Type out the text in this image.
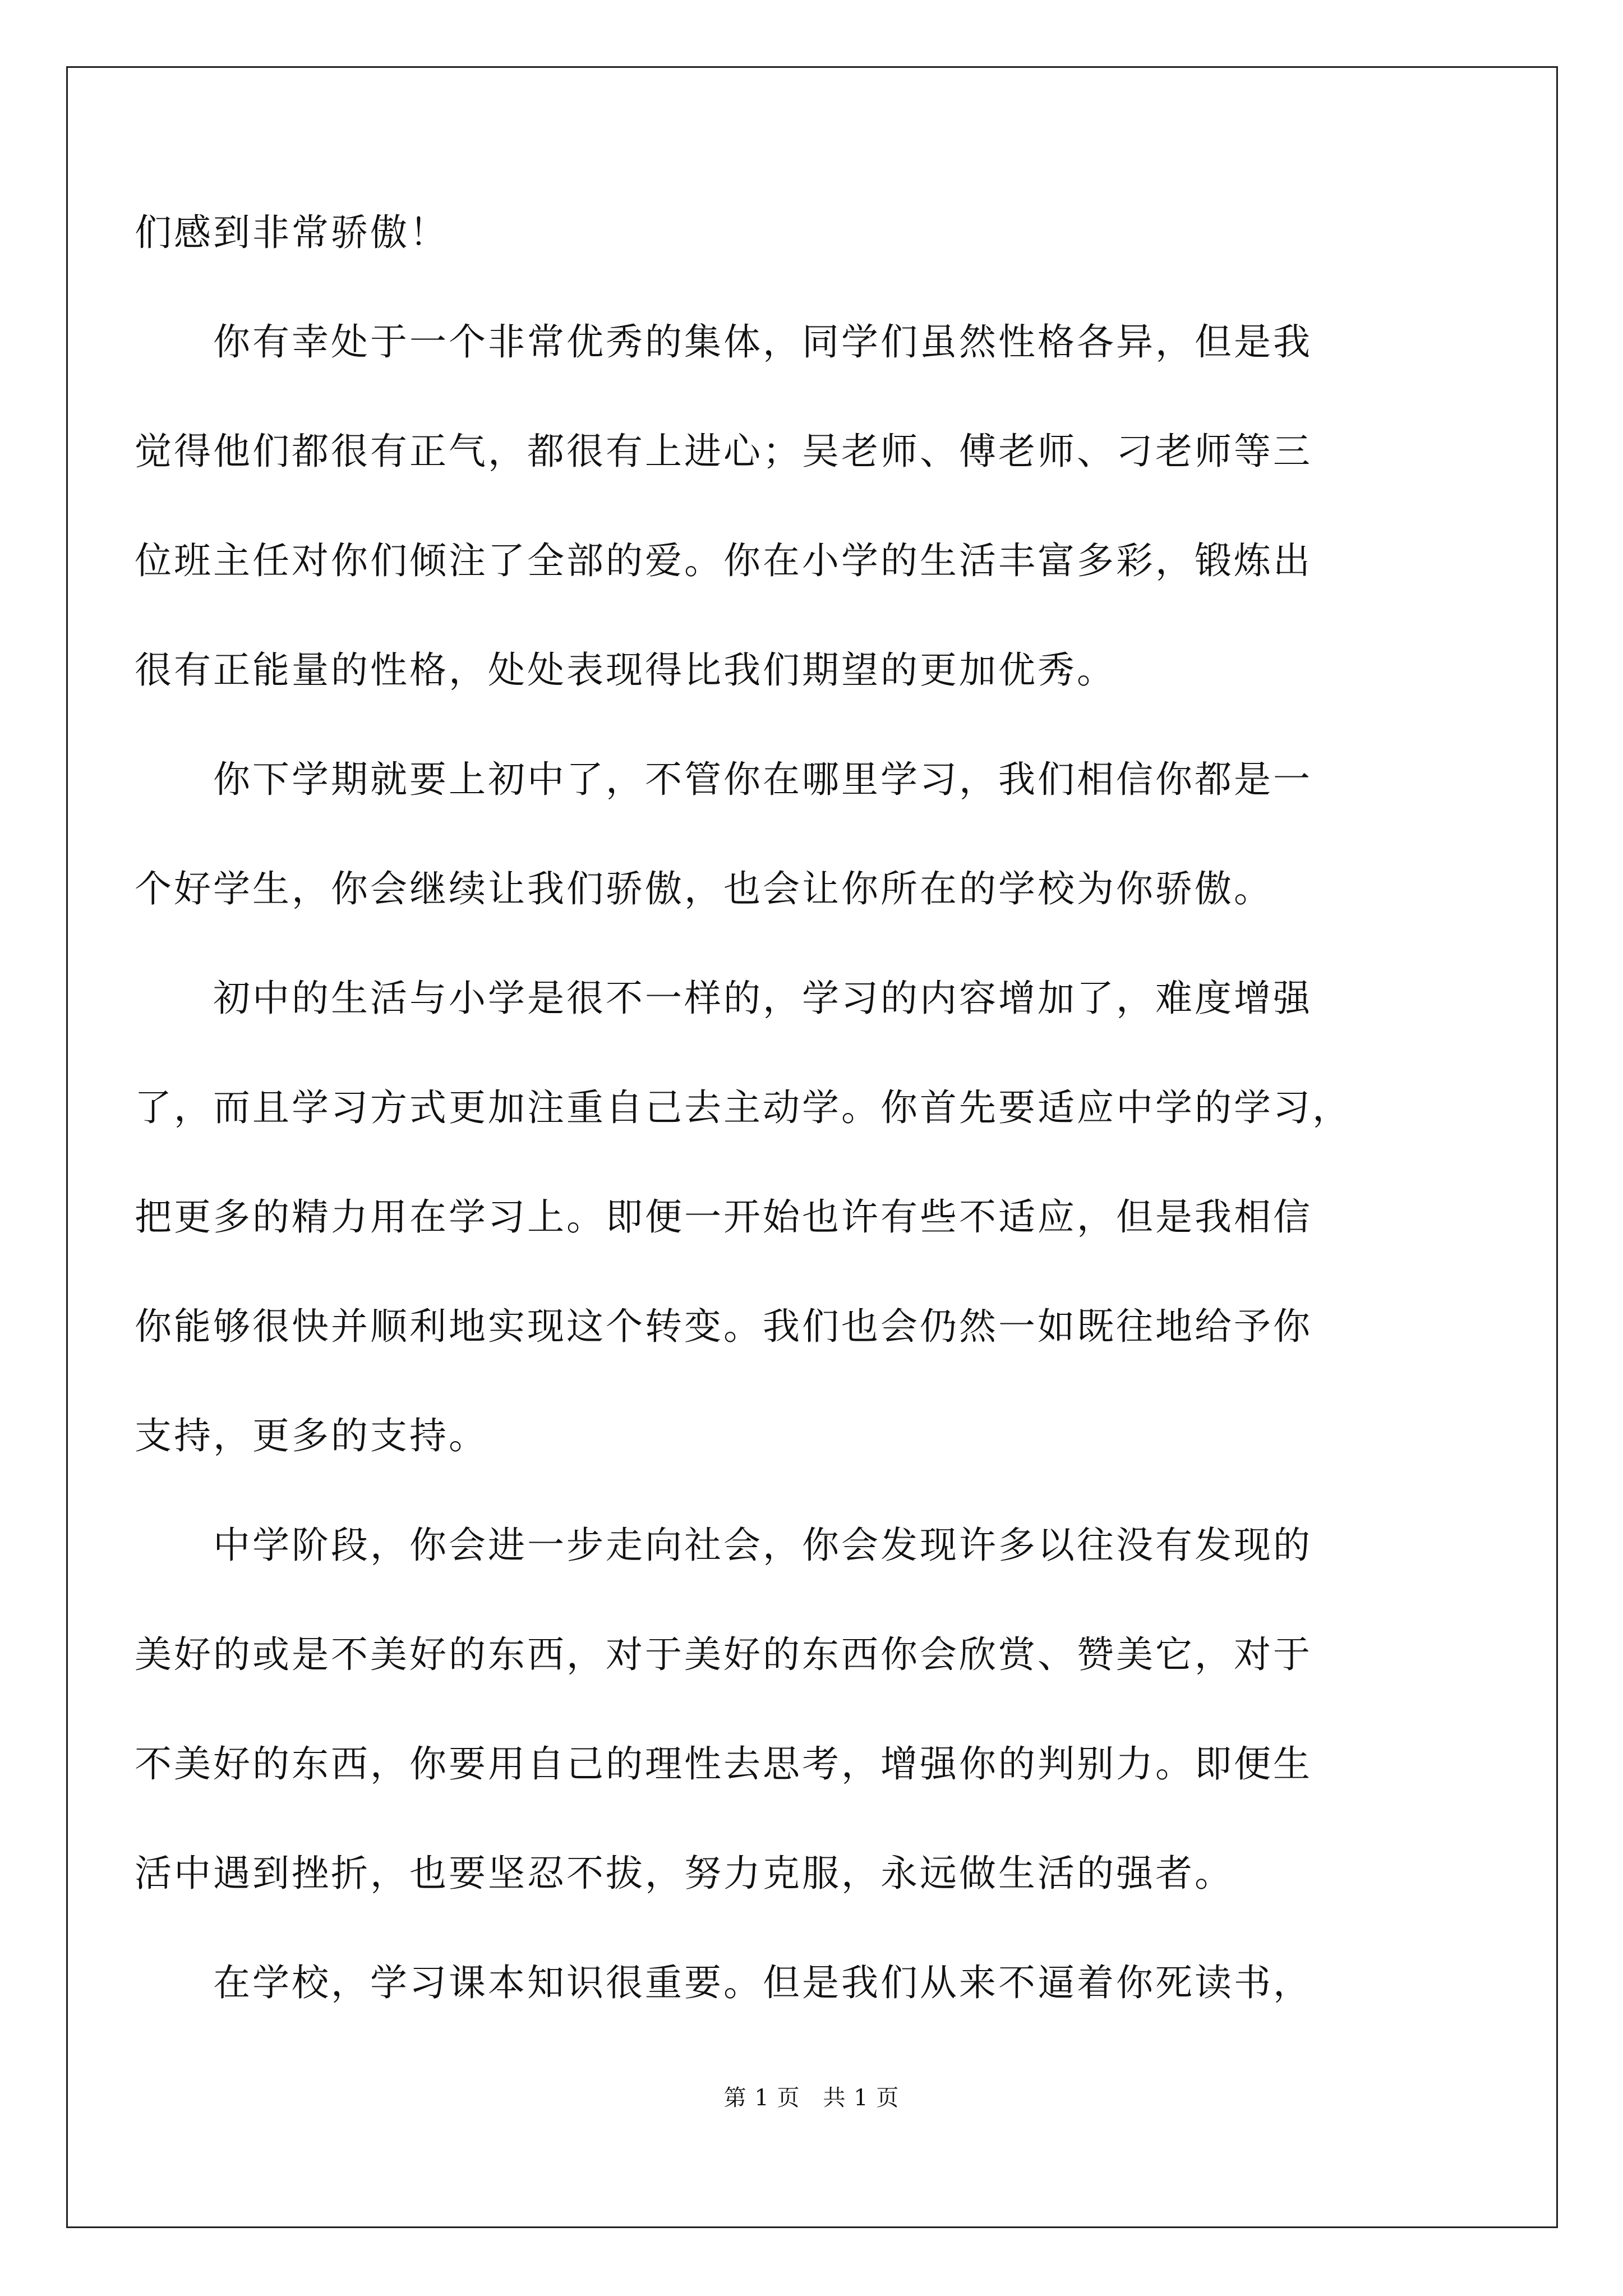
们感到非常骄傲！
你有幸处于一个非常优秀的集体，同学们虽然性格各异，但是我
觉得他们都很有正气，都很有上进心；吴老师、傅老师、刁老师等三
位班主任对你们倾注了全部的爱。你在小学的生活丰富多彩，锻炼出
很有正能量的性格，处处表现得比我们期望的更加优秀。
你下学期就要上初中了，不管你在哪里学习，我们相信你都是一
个好学生，你会继续让我们骄傲，也会让你所在的学校为你骄傲。
初中的生活与小学是很不一样的，学习的内容增加了，难度增强
了，而且学习方式更加注重自己去主动学。你首先要适应中学的学习，
把更多的精力用在学习上。即便一开始也许有些不适应，但是我相信
你能够很快并顺利地实现这个转变。我们也会仍然一如既往地给予你
支持，更多的支持。
中学阶段，你会进一步走向社会，你会发现许多以往没有发现的
美好的或是不美好的东西，对于美好的东西你会欣赏、赞美它，对于
不美好的东西，你要用自己的理性去思考，增强你的判别力。即便生
活中遇到挫折，也要坚忍不拔，努力克服，永远做生活的强者。
在学校，学习课本知识很重要。但是我们从来不逼着你死读书，
第 1 页　共 1 页
